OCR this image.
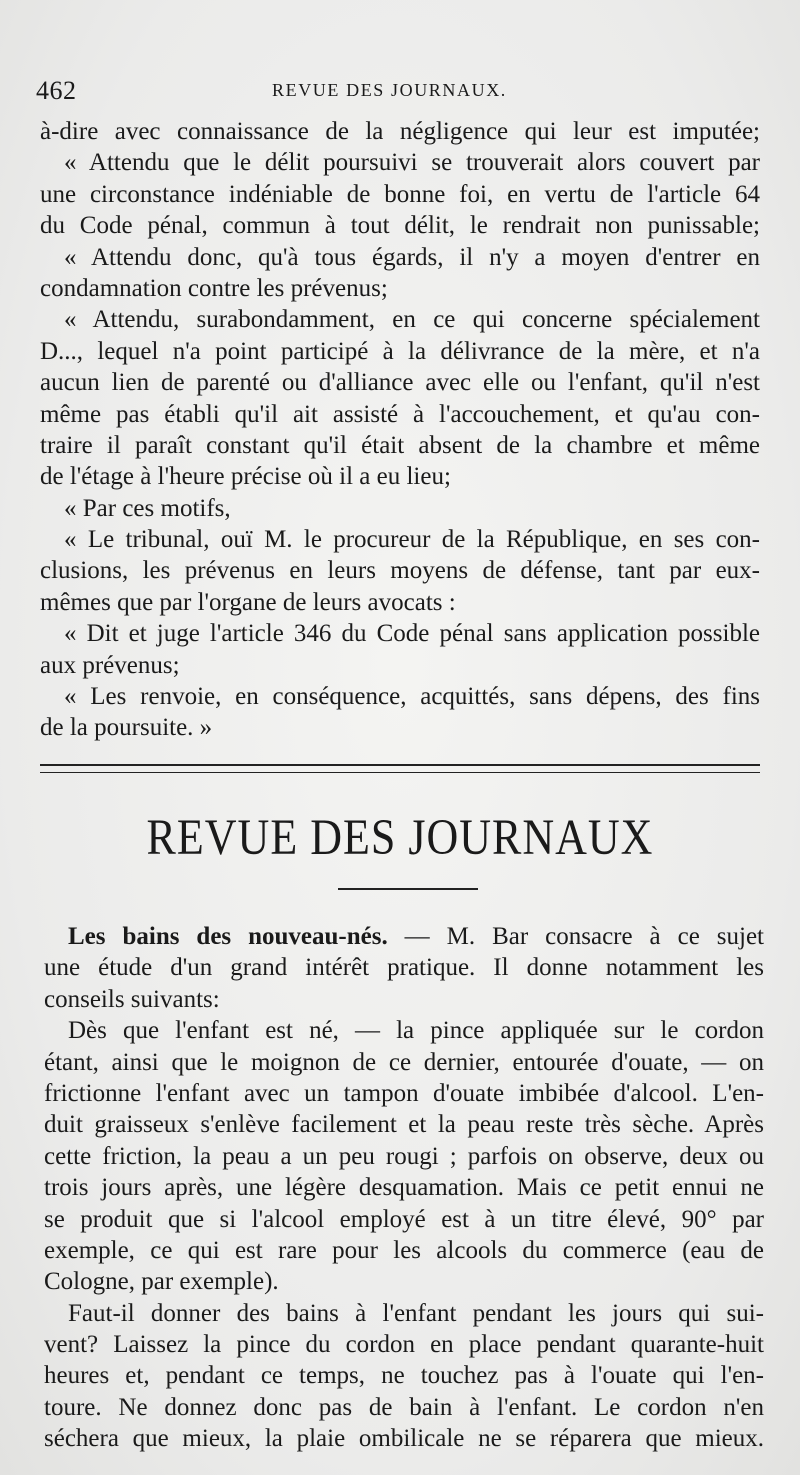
462	REVUE DES JOURNAUX.
à-dire avec connaissance de la négligence qui leur est imputée;
« Attendu que le délit poursuivi se trouverait alors couvert par
une circonstance indéniable de bonne foi, en vertu de l'article 64
du Code pénal, commun à tout délit, le rendrait non punissable;
« Attendu donc, qu'à tous égards, il n'y a moyen d'entrer en
condamnation contre les prévenus;
« Attendu, surabondamment, en ce qui concerne spécialement
D..., lequel n'a point participé à la délivrance de la mère, et n'a
aucun lien de parenté ou d'alliance avec elle ou l'enfant, qu'il n'est
même pas établi qu'il ait assisté à l'accouchement, et qu'au con-
traire il paraît constant qu'il était absent de la chambre et même
de l'étage à l'heure précise où il a eu lieu;
« Par ces motifs,
« Le tribunal, ouï M. le procureur de la République, en ses con-
clusions, les prévenus en leurs moyens de défense, tant par eux-
mêmes que par l'organe de leurs avocats :
« Dit et juge l'article 346 du Code pénal sans application possible
aux prévenus;
« Les renvoie, en conséquence, acquittés, sans dépens, des fins
de la poursuite. »
REVUE DES JOURNAUX
Les bains des nouveau-nés. — M. Bar consacre à ce sujet
une étude d'un grand intérêt pratique. Il donne notamment les
conseils suivants:
Dès que l'enfant est né, — la pince appliquée sur le cordon
étant, ainsi que le moignon de ce dernier, entourée d'ouate, — on
frictionne l'enfant avec un tampon d'ouate imbibée d'alcool. L'en-
duit graisseux s'enlève facilement et la peau reste très sèche. Après
cette friction, la peau a un peu rougi ; parfois on observe, deux ou
trois jours après, une légère desquamation. Mais ce petit ennui ne
se produit que si l'alcool employé est à un titre élevé, 90° par
exemple, ce qui est rare pour les alcools du commerce (eau de
Cologne, par exemple).
Faut-il donner des bains à l'enfant pendant les jours qui sui-
vent? Laissez la pince du cordon en place pendant quarante-huit
heures et, pendant ce temps, ne touchez pas à l'ouate qui l'en-
toure. Ne donnez donc pas de bain à l'enfant. Le cordon n'en
séchera que mieux, la plaie ombilicale ne se réparera que mieux.
